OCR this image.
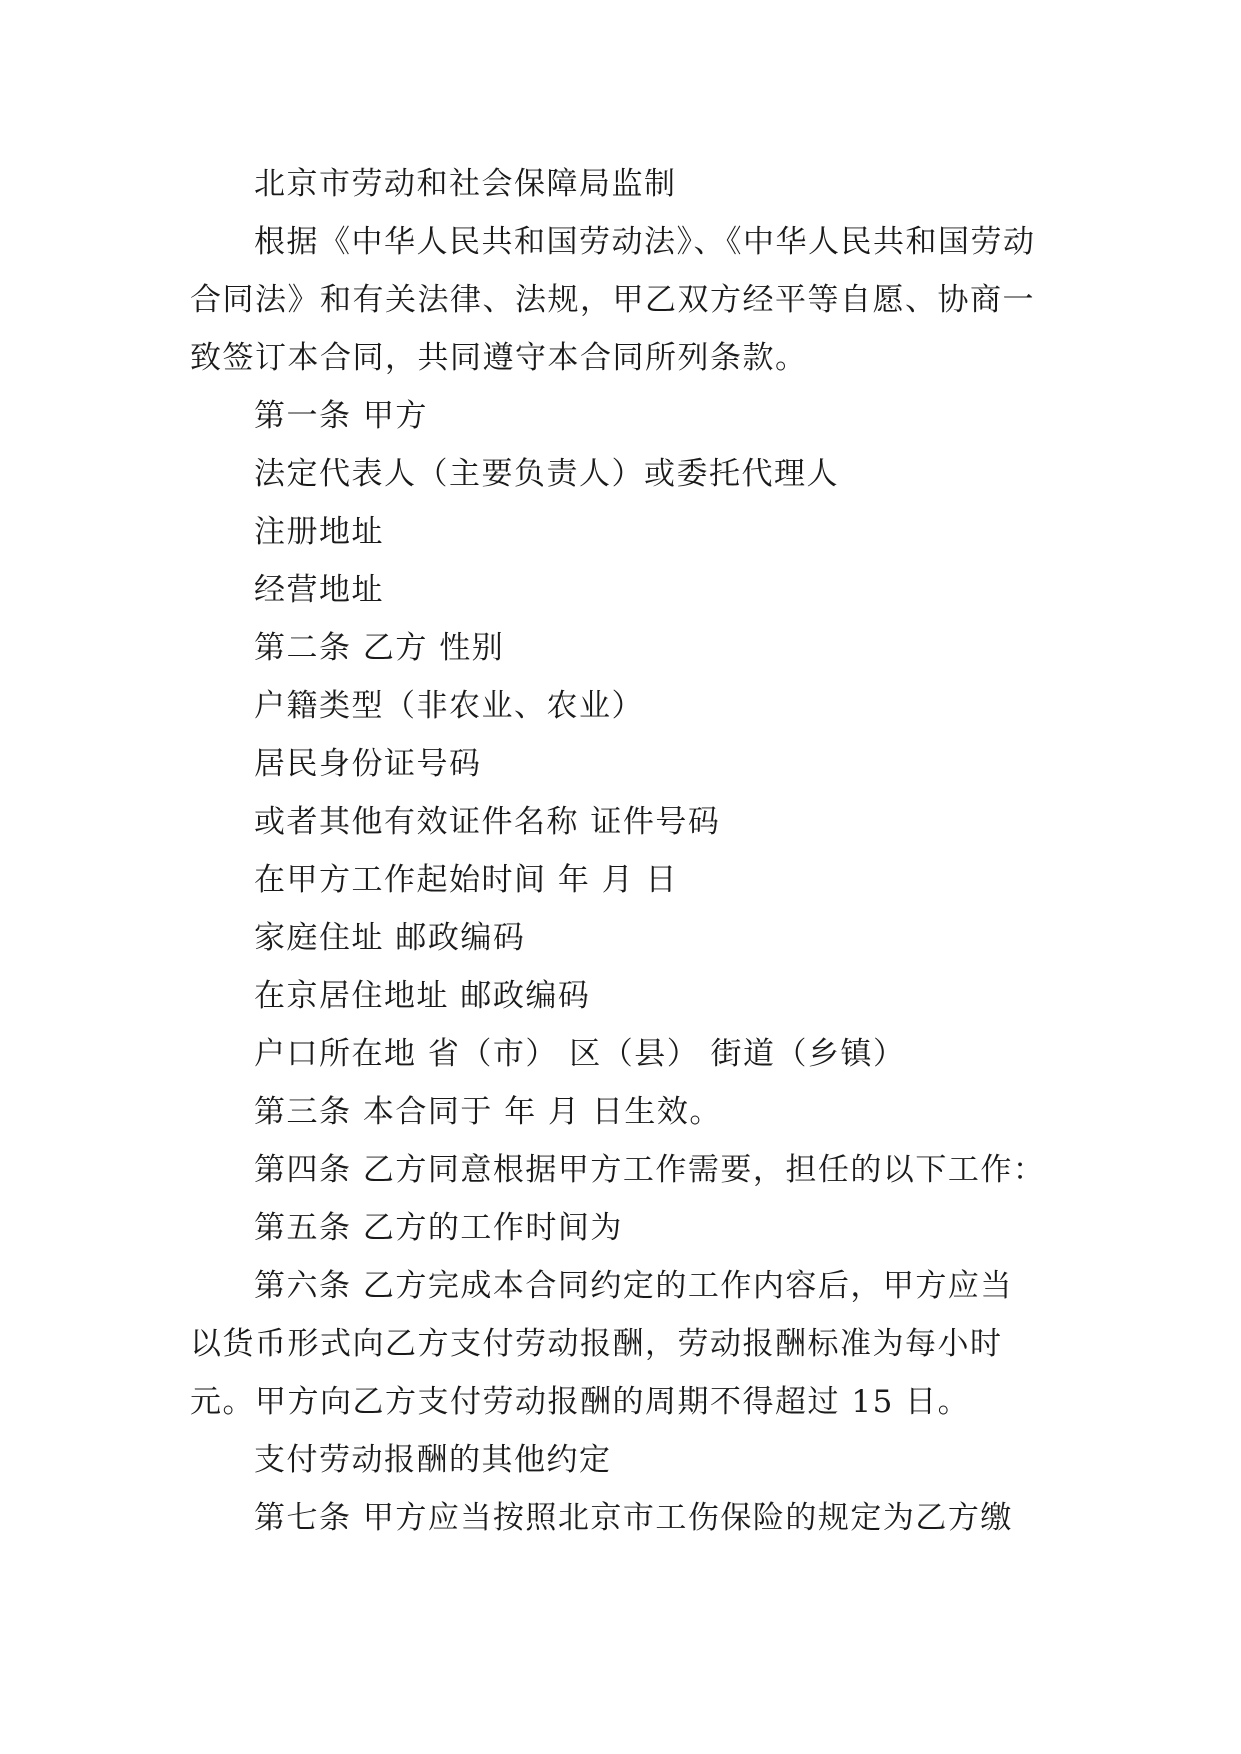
北京市劳动和社会保障局监制
根据《中华人民共和国劳动法》、《中华人民共和国劳动
合同法》和有关法律、法规，甲乙双方经平等自愿、协商一
致签订本合同，共同遵守本合同所列条款。
第一条 甲方
法定代表人（主要负责人）或委托代理人
注册地址
经营地址
第二条 乙方 性别
户籍类型（非农业、农业）
居民身份证号码
或者其他有效证件名称 证件号码
在甲方工作起始时间 年 月 日
家庭住址 邮政编码
在京居住地址 邮政编码
户口所在地 省（市） 区（县） 街道（乡镇）
第三条 本合同于 年 月 日生效。
第四条 乙方同意根据甲方工作需要，担任的以下工作：
第五条 乙方的工作时间为
第六条 乙方完成本合同约定的工作内容后，甲方应当
以货币形式向乙方支付劳动报酬，劳动报酬标准为每小时
元。甲方向乙方支付劳动报酬的周期不得超过 15 日。
支付劳动报酬的其他约定
第七条 甲方应当按照北京市工伤保险的规定为乙方缴
